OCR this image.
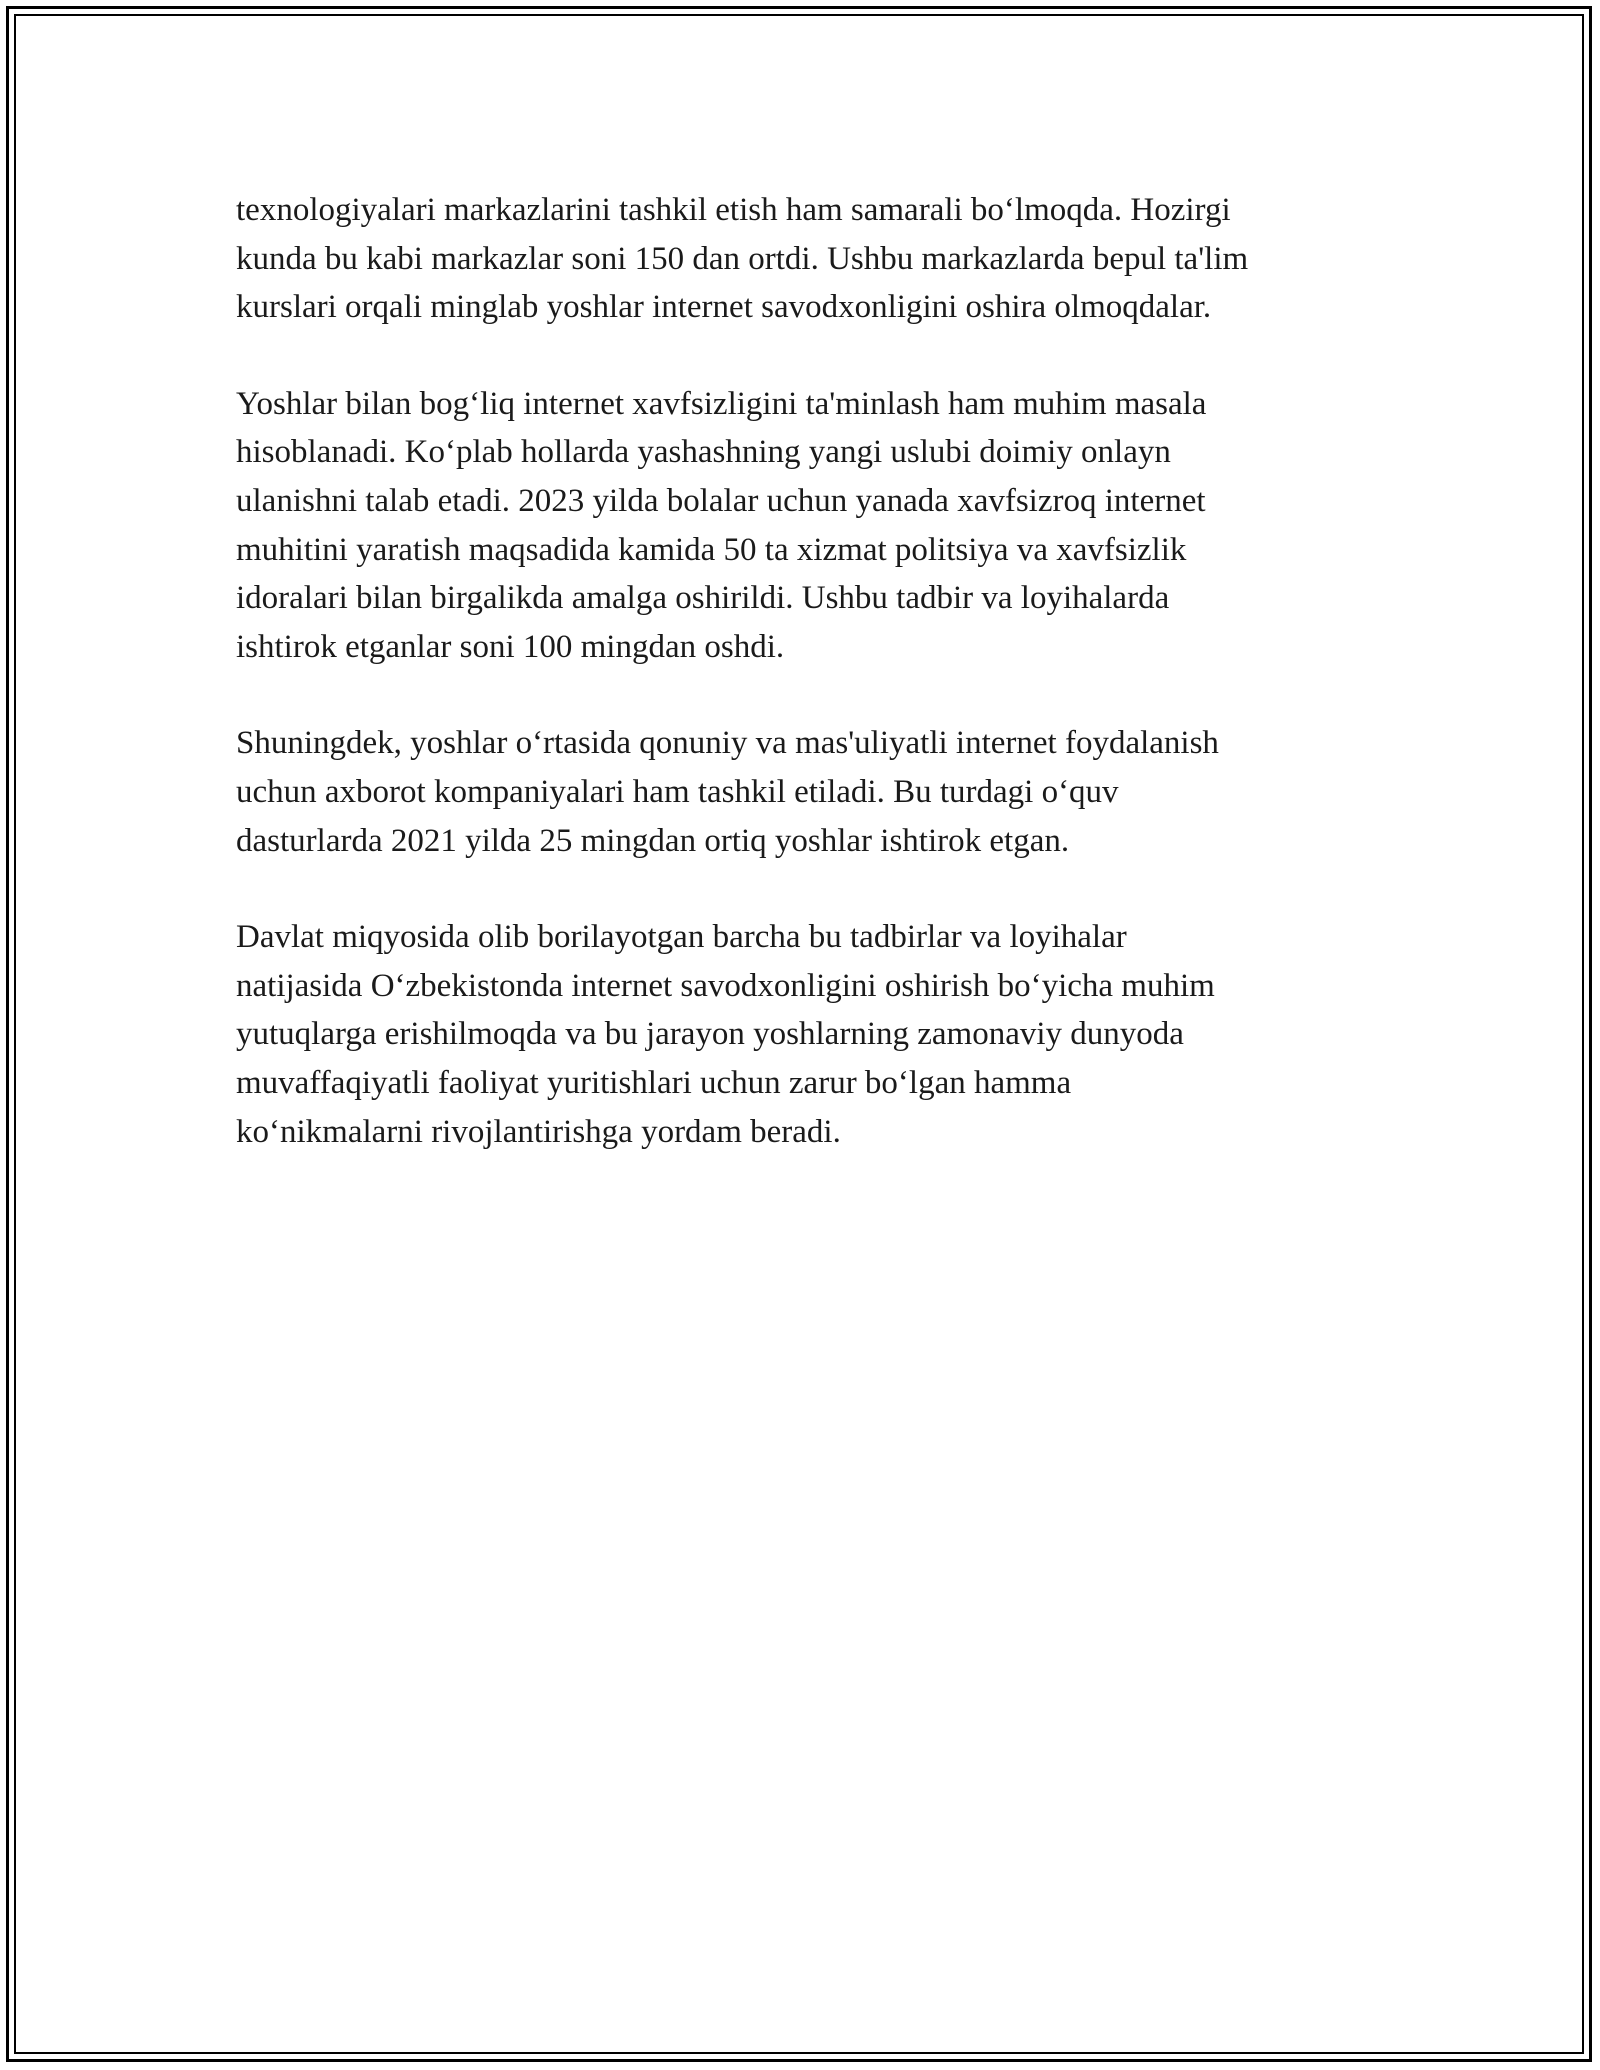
texnologiyalari markazlarini tashkil etish ham samarali bo‘lmoqda. Hozirgi
kunda bu kabi markazlar soni 150 dan ortdi. Ushbu markazlarda bepul ta'lim
kurslari orqali minglab yoshlar internet savodxonligini oshira olmoqdalar.

Yoshlar bilan bog‘liq internet xavfsizligini ta'minlash ham muhim masala
hisoblanadi. Ko‘plab hollarda yashashning yangi uslubi doimiy onlayn
ulanishni talab etadi. 2023 yilda bolalar uchun yanada xavfsizroq internet
muhitini yaratish maqsadida kamida 50 ta xizmat politsiya va xavfsizlik
idoralari bilan birgalikda amalga oshirildi. Ushbu tadbir va loyihalarda
ishtirok etganlar soni 100 mingdan oshdi.

Shuningdek, yoshlar o‘rtasida qonuniy va mas'uliyatli internet foydalanish
uchun axborot kompaniyalari ham tashkil etiladi. Bu turdagi o‘quv
dasturlarda 2021 yilda 25 mingdan ortiq yoshlar ishtirok etgan.

Davlat miqyosida olib borilayotgan barcha bu tadbirlar va loyihalar
natijasida O‘zbekistonda internet savodxonligini oshirish bo‘yicha muhim
yutuqlarga erishilmoqda va bu jarayon yoshlarning zamonaviy dunyoda
muvaffaqiyatli faoliyat yuritishlari uchun zarur bo‘lgan hamma
ko‘nikmalarni rivojlantirishga yordam beradi.
